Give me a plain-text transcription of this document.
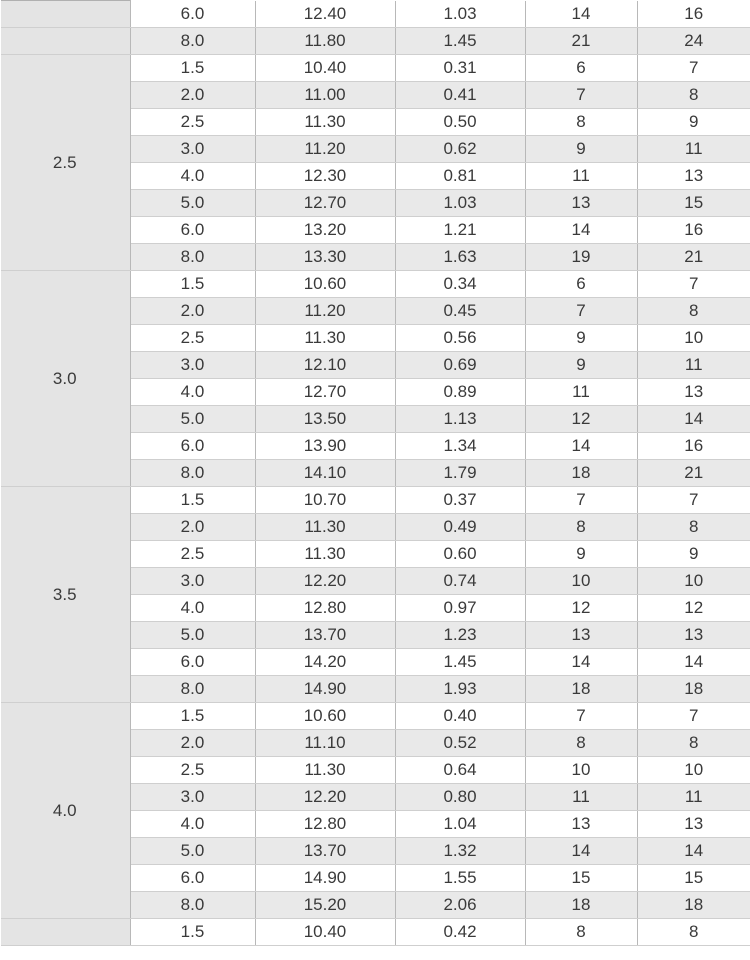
	6.0	12.40	1.03	14	16
	8.0	11.80	1.45	21	24
2.5	1.5	10.40	0.31	6	7
	2.0	11.00	0.41	7	8
	2.5	11.30	0.50	8	9
	3.0	11.20	0.62	9	11
	4.0	12.30	0.81	11	13
	5.0	12.70	1.03	13	15
	6.0	13.20	1.21	14	16
	8.0	13.30	1.63	19	21
3.0	1.5	10.60	0.34	6	7
	2.0	11.20	0.45	7	8
	2.5	11.30	0.56	9	10
	3.0	12.10	0.69	9	11
	4.0	12.70	0.89	11	13
	5.0	13.50	1.13	12	14
	6.0	13.90	1.34	14	16
	8.0	14.10	1.79	18	21
3.5	1.5	10.70	0.37	7	7
	2.0	11.30	0.49	8	8
	2.5	11.30	0.60	9	9
	3.0	12.20	0.74	10	10
	4.0	12.80	0.97	12	12
	5.0	13.70	1.23	13	13
	6.0	14.20	1.45	14	14
	8.0	14.90	1.93	18	18
4.0	1.5	10.60	0.40	7	7
	2.0	11.10	0.52	8	8
	2.5	11.30	0.64	10	10
	3.0	12.20	0.80	11	11
	4.0	12.80	1.04	13	13
	5.0	13.70	1.32	14	14
	6.0	14.90	1.55	15	15
	8.0	15.20	2.06	18	18
	1.5	10.40	0.42	8	8
